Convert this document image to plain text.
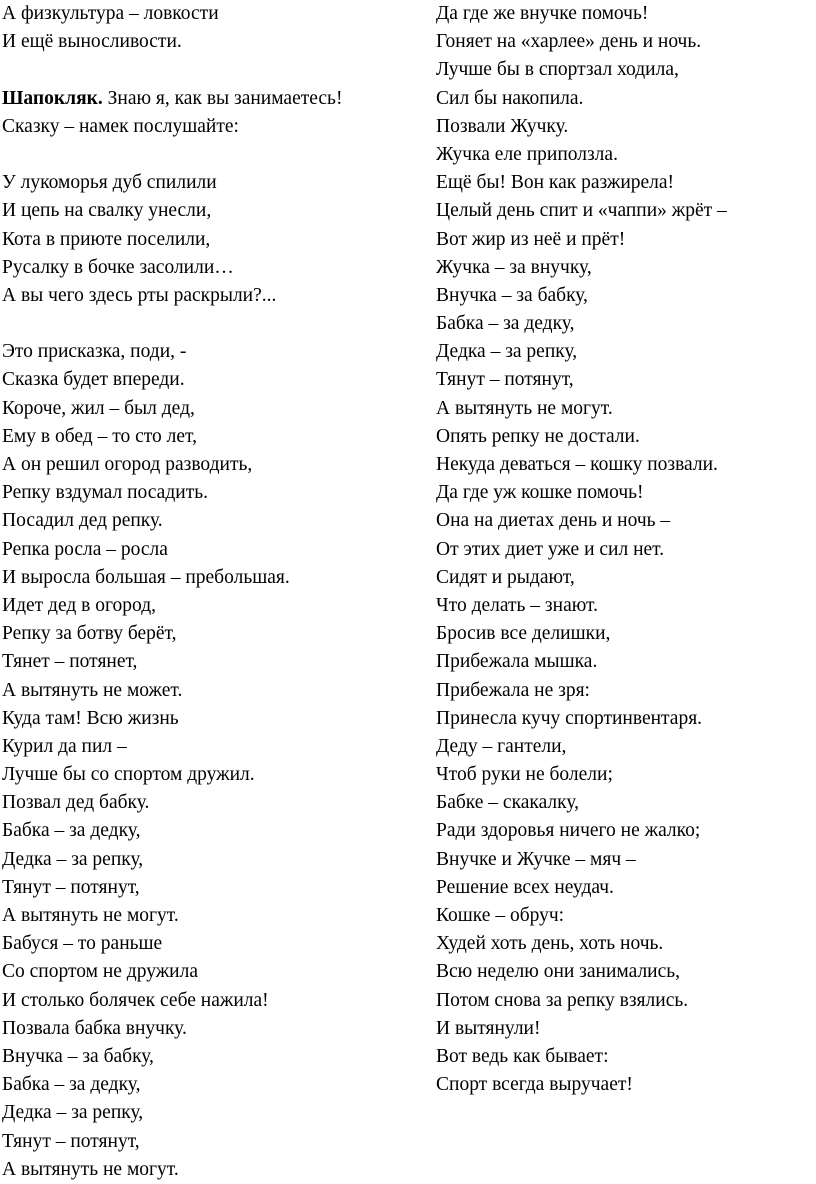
А физкультура – ловкости

И ещё выносливости.

Шапокляк. Знаю я, как вы занимаетесь!

Сказку – намек послушайте:

У лукоморья дуб спилили

И цепь на свалку унесли,

Кота в приюте поселили,

Русалку в бочке засолили…

А вы чего здесь рты раскрыли?...

Это присказка, поди, -

Сказка будет впереди.

Короче, жил – был дед,

Ему в обед – то сто лет,

А он решил огород разводить,

Репку вздумал посадить.

Посадил дед репку.

Репка росла – росла

И выросла большая – пребольшая.

Идет дед в огород,

Репку за ботву берёт,

Тянет – потянет,

А вытянуть не может.

Куда там! Всю жизнь

Курил да пил –

Лучше бы со спортом дружил.

Позвал дед бабку.

Бабка – за дедку,

Дедка – за репку,

Тянут – потянут,

А вытянуть не могут.

Бабуся – то раньше

Со спортом не дружила

И столько болячек себе нажила!

Позвала бабка внучку.

Внучка – за бабку,

Бабка – за дедку,

Дедка – за репку,

Тянут – потянут,

А вытянуть не могут.

Да где же внучке помочь!

Гоняет на «харлее» день и ночь.

Лучше бы в спортзал ходила,

Сил бы накопила.

Позвали Жучку.

Жучка еле приползла.

Ещё бы! Вон как разжирела!

Целый день спит и «чаппи» жрёт –

Вот жир из неё и прёт!

Жучка – за внучку,

Внучка – за бабку,

Бабка – за дедку,

Дедка – за репку,

Тянут – потянут,

А вытянуть не могут.

Опять репку не достали.

Некуда деваться – кошку позвали.

Да где уж кошке помочь!

Она на диетах день и ночь –

От этих диет уже и сил нет.

Сидят и рыдают,

Что делать – знают.

Бросив все делишки,

Прибежала мышка.

Прибежала не зря:

Принесла кучу спортинвентаря.

Деду – гантели,

Чтоб руки не болели;

Бабке – скакалку,

Ради здоровья ничего не жалко;

Внучке и Жучке – мяч –

Решение всех неудач.

Кошке – обруч:

Худей хоть день, хоть ночь.

Всю неделю они занимались,

Потом снова за репку взялись.

И вытянули!

Вот ведь как бывает:

Спорт всегда выручает!
